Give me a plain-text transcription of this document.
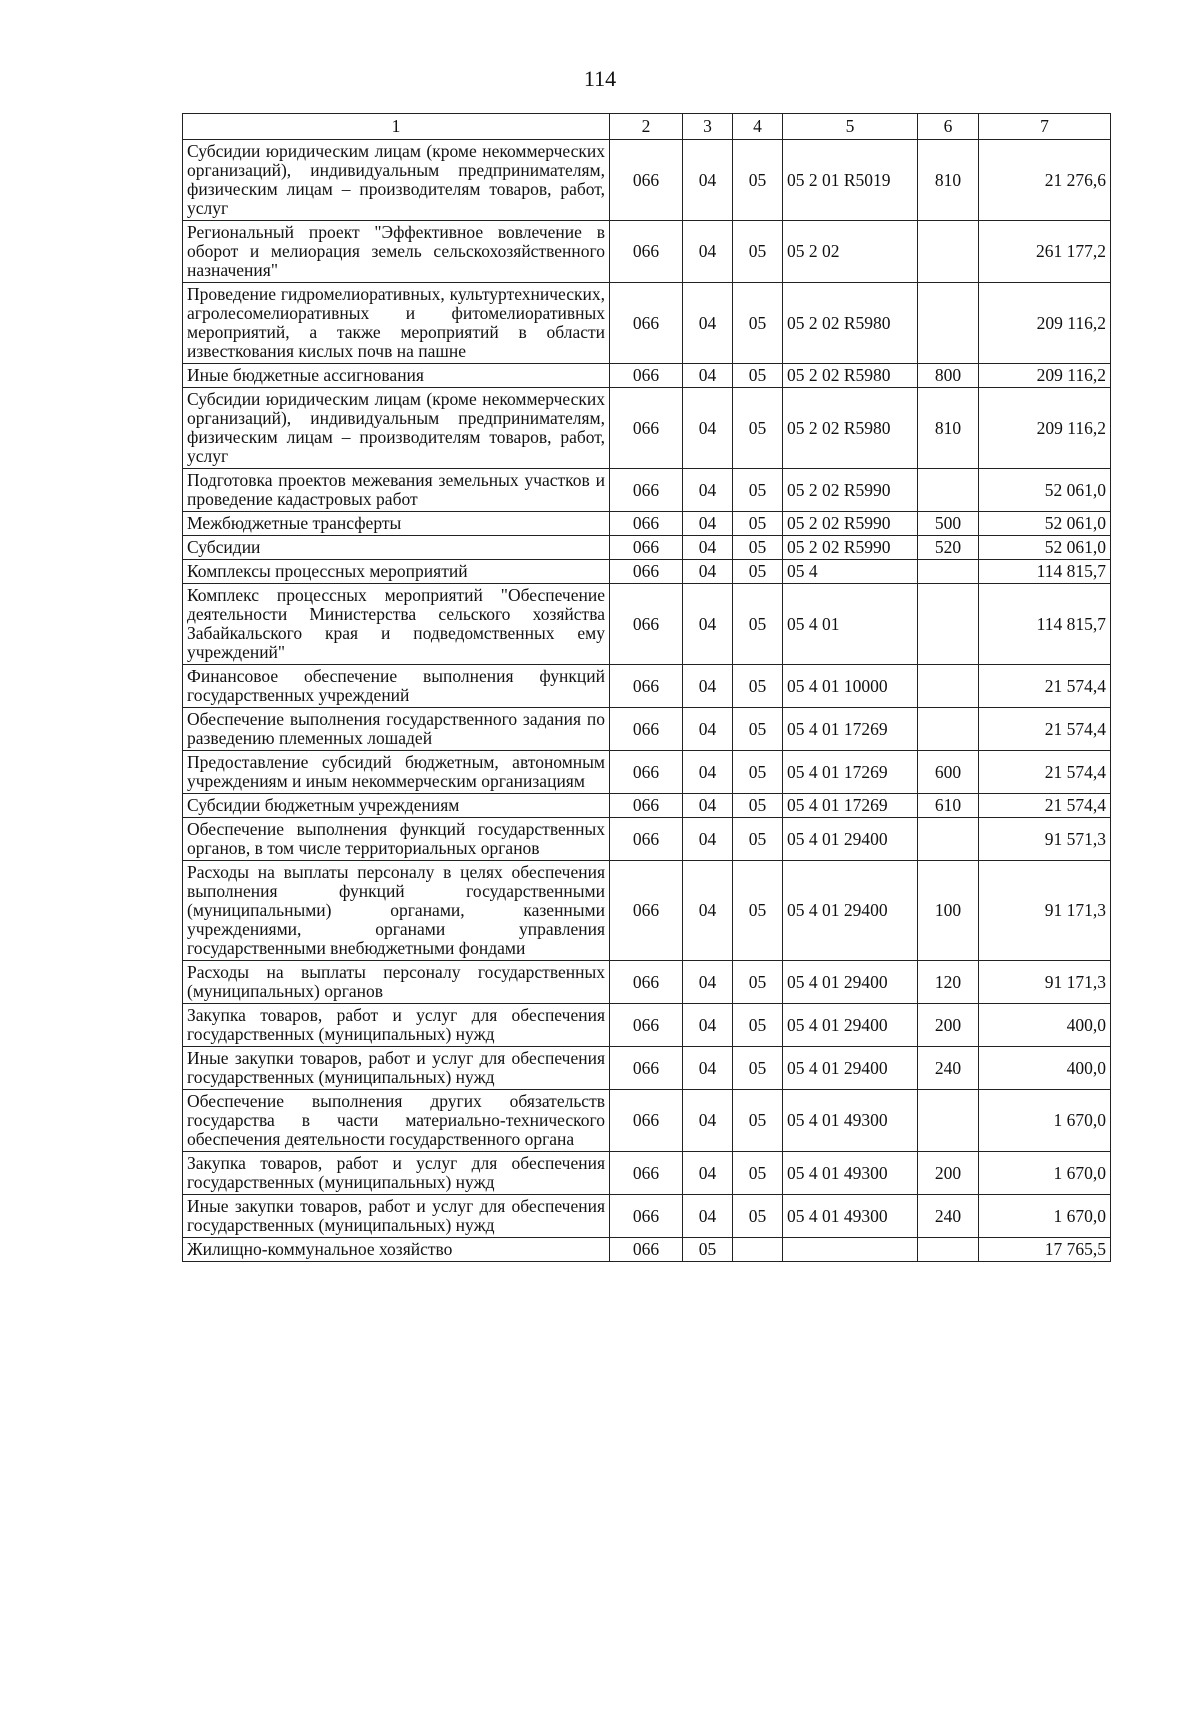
114
1	2	3	4	5	6	7
Субсидии юридическим лицам (кроме некоммерческих организаций), индивидуальным предпринимателям, физическим лицам – производителям товаров, работ, услуг	066	04	05	05 2 01 R5019	810	21 276,6
Региональный проект "Эффективное вовлечение в оборот и мелиорация земель сельскохозяйственного назначения"	066	04	05	05 2 02		261 177,2
Проведение гидромелиоративных, культуртехнических, агролесомелиоративных и фитомелиоративных мероприятий, а также мероприятий в области известкования кислых почв на пашне	066	04	05	05 2 02 R5980		209 116,2
Иные бюджетные ассигнования	066	04	05	05 2 02 R5980	800	209 116,2
Субсидии юридическим лицам (кроме некоммерческих организаций), индивидуальным предпринимателям, физическим лицам – производителям товаров, работ, услуг	066	04	05	05 2 02 R5980	810	209 116,2
Подготовка проектов межевания земельных участков и проведение кадастровых работ	066	04	05	05 2 02 R5990		52 061,0
Межбюджетные трансферты	066	04	05	05 2 02 R5990	500	52 061,0
Субсидии	066	04	05	05 2 02 R5990	520	52 061,0
Комплексы процессных мероприятий	066	04	05	05 4		114 815,7
Комплекс процессных мероприятий "Обеспечение деятельности Министерства сельского хозяйства Забайкальского края и подведомственных ему учреждений"	066	04	05	05 4 01		114 815,7
Финансовое обеспечение выполнения функций государственных учреждений	066	04	05	05 4 01 10000		21 574,4
Обеспечение выполнения государственного задания по разведению племенных лошадей	066	04	05	05 4 01 17269		21 574,4
Предоставление субсидий бюджетным, автономным учреждениям и иным некоммерческим организациям	066	04	05	05 4 01 17269	600	21 574,4
Субсидии бюджетным учреждениям	066	04	05	05 4 01 17269	610	21 574,4
Обеспечение выполнения функций государственных органов, в том числе территориальных органов	066	04	05	05 4 01 29400		91 571,3
Расходы на выплаты персоналу в целях обеспечения выполнения функций государственными (муниципальными) органами, казенными учреждениями, органами управления государственными внебюджетными фондами	066	04	05	05 4 01 29400	100	91 171,3
Расходы на выплаты персоналу государственных (муниципальных) органов	066	04	05	05 4 01 29400	120	91 171,3
Закупка товаров, работ и услуг для обеспечения государственных (муниципальных) нужд	066	04	05	05 4 01 29400	200	400,0
Иные закупки товаров, работ и услуг для обеспечения государственных (муниципальных) нужд	066	04	05	05 4 01 29400	240	400,0
Обеспечение выполнения других обязательств государства в части материально-технического обеспечения деятельности государственного органа	066	04	05	05 4 01 49300		1 670,0
Закупка товаров, работ и услуг для обеспечения государственных (муниципальных) нужд	066	04	05	05 4 01 49300	200	1 670,0
Иные закупки товаров, работ и услуг для обеспечения государственных (муниципальных) нужд	066	04	05	05 4 01 49300	240	1 670,0
Жилищно-коммунальное хозяйство	066	05				17 765,5
